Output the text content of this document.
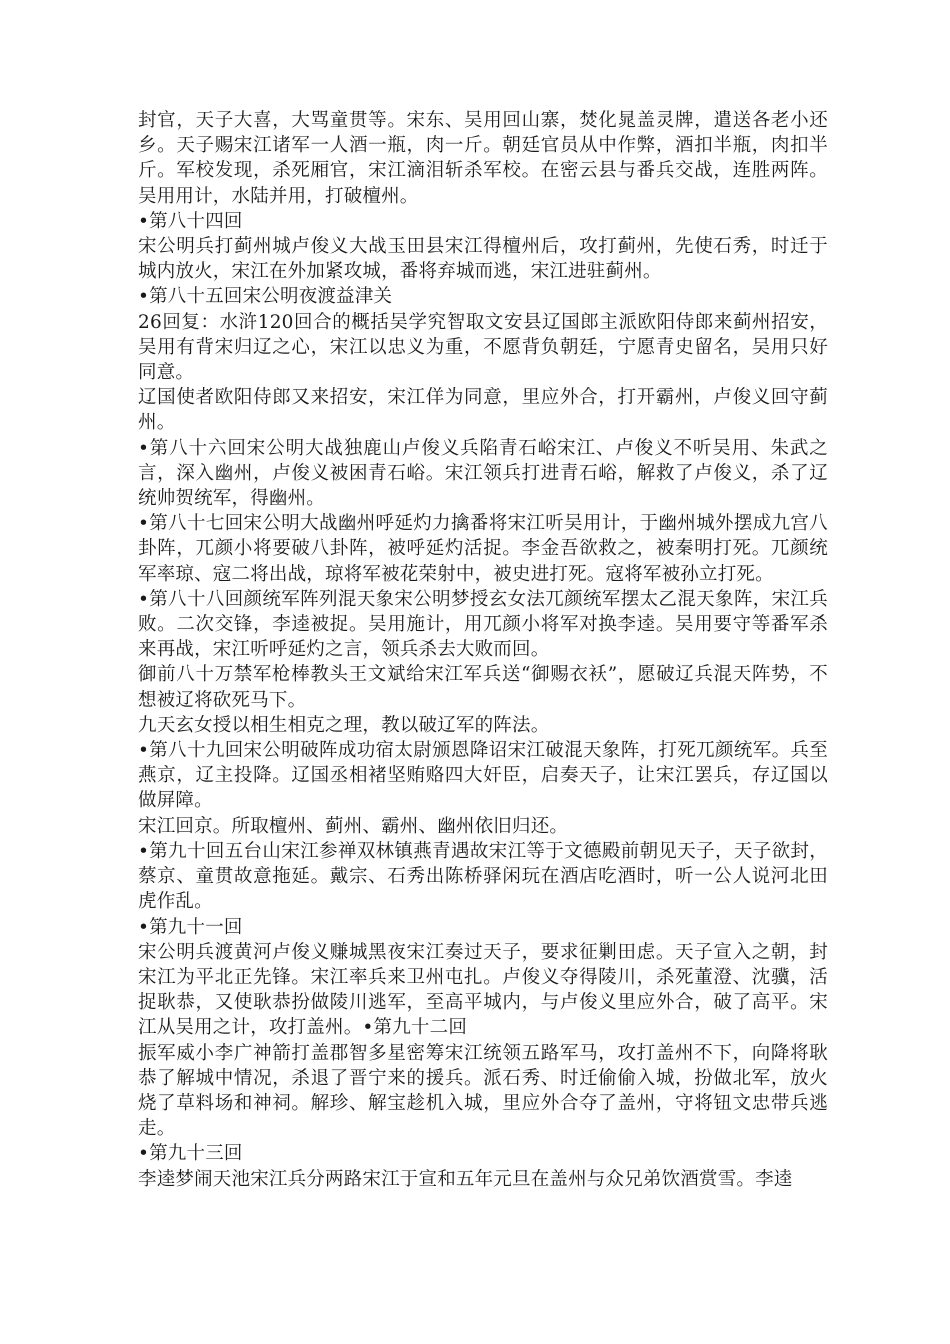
封官，天子大喜，大骂童贯等。宋东、吴用回山寨，焚化晁盖灵牌，遣送各老小还乡。天子赐宋江诸军一人酒一瓶，肉一斤。朝廷官员从中作弊，酒扣半瓶，肉扣半斤。军校发现，杀死厢官，宋江滴泪斩杀军校。在密云县与番兵交战，连胜两阵。吴用用计，水陆并用，打破檀州。

•第八十四回

宋公明兵打蓟州城卢俊义大战玉田县宋江得檀州后，攻打蓟州，先使石秀，时迁于城内放火，宋江在外加紧攻城，番将弃城而逃，宋江进驻蓟州。

•第八十五回宋公明夜渡益津关

26回复：水浒120回合的概括吴学究智取文安县辽国郎主派欧阳侍郎来蓟州招安，吴用有背宋归辽之心，宋江以忠义为重，不愿背负朝廷，宁愿青史留名，吴用只好同意。

辽国使者欧阳侍郎又来招安，宋江佯为同意，里应外合，打开霸州，卢俊义回守蓟州。

•第八十六回宋公明大战独鹿山卢俊义兵陷青石峪宋江、卢俊义不听吴用、朱武之言，深入幽州，卢俊义被困青石峪。宋江领兵打进青石峪，解救了卢俊义，杀了辽统帅贺统军，得幽州。

•第八十七回宋公明大战幽州呼延灼力擒番将宋江听吴用计，于幽州城外摆成九宫八卦阵，兀颜小将要破八卦阵，被呼延灼活捉。李金吾欲救之，被秦明打死。兀颜统军率琼、寇二将出战，琼将军被花荣射中，被史进打死。寇将军被孙立打死。

•第八十八回颜统军阵列混天象宋公明梦授玄女法兀颜统军摆太乙混天象阵，宋江兵败。二次交锋，李逵被捉。吴用施计，用兀颜小将军对换李逵。吴用要守等番军杀来再战，宋江听呼延灼之言，领兵杀去大败而回。

御前八十万禁军枪棒教头王文斌给宋江军兵送“御赐衣袄”，愿破辽兵混天阵势，不想被辽将砍死马下。

九天玄女授以相生相克之理，教以破辽军的阵法。

•第八十九回宋公明破阵成功宿太尉颁恩降诏宋江破混天象阵，打死兀颜统军。兵至燕京，辽主投降。辽国丞相褚坚贿赂四大奸臣，启奏天子，让宋江罢兵，存辽国以做屏障。

宋江回京。所取檀州、蓟州、霸州、幽州依旧归还。

•第九十回五台山宋江参禅双林镇燕青遇故宋江等于文德殿前朝见天子，天子欲封，蔡京、童贯故意拖延。戴宗、石秀出陈桥驿闲玩在酒店吃酒时，听一公人说河北田虎作乱。

•第九十一回

宋公明兵渡黄河卢俊义赚城黑夜宋江奏过天子，要求征剿田虑。天子宣入之朝，封宋江为平北正先锋。宋江率兵来卫州屯扎。卢俊义夺得陵川，杀死董澄、沈骥，活捉耿恭，又使耿恭扮做陵川逃军，至高平城内，与卢俊义里应外合，破了高平。宋江从吴用之计，攻打盖州。•第九十二回

振军威小李广神箭打盖郡智多星密筹宋江统领五路军马，攻打盖州不下，向降将耿恭了解城中情况，杀退了晋宁来的援兵。派石秀、时迁偷偷入城，扮做北军，放火烧了草料场和神祠。解珍、解宝趁机入城，里应外合夺了盖州，守将钮文忠带兵逃走。

•第九十三回

李逵梦闹天池宋江兵分两路宋江于宣和五年元旦在盖州与众兄弟饮酒赏雪。李逵
